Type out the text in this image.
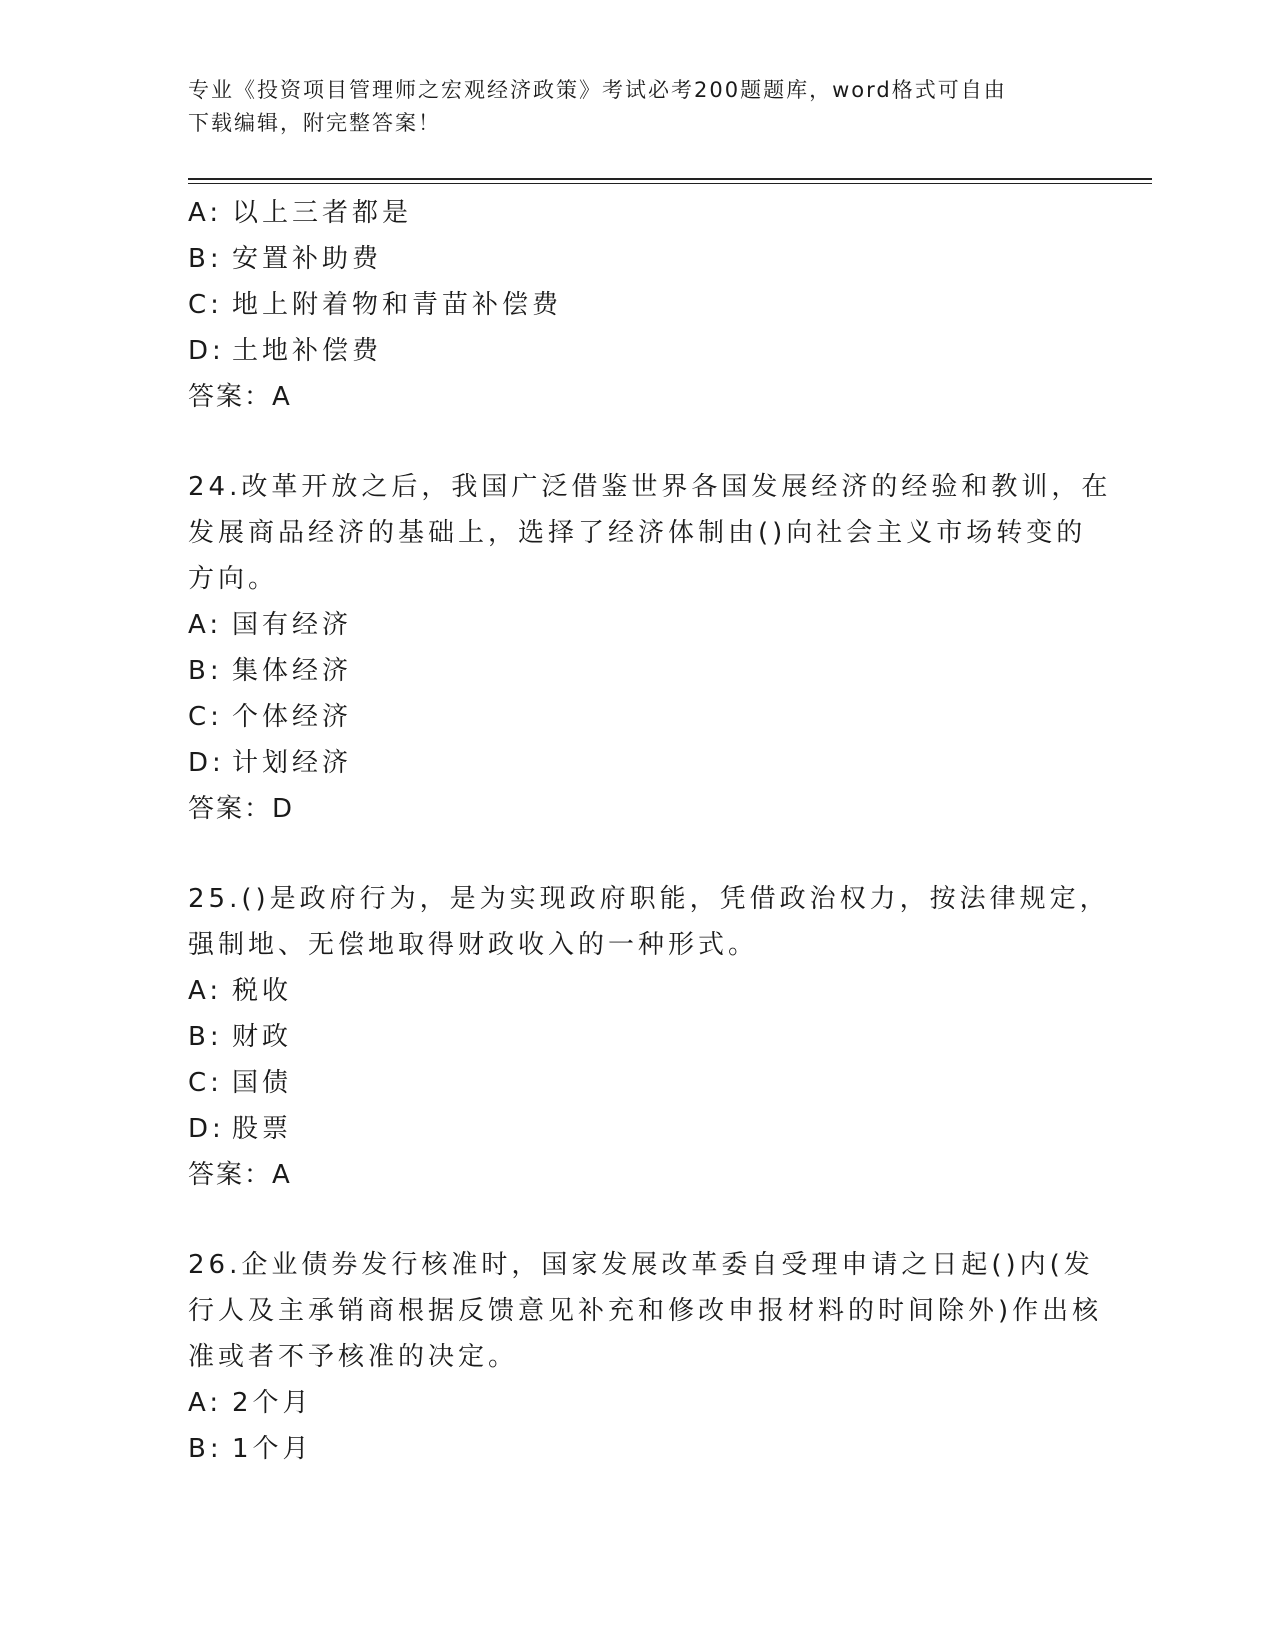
专业《投资项目管理师之宏观经济政策》考试必考200题题库，word格式可自由
下载编辑，附完整答案！
A: 以上三者都是
B: 安置补助费
C: 地上附着物和青苗补偿费
D: 土地补偿费
答案：A
24.改革开放之后，我国广泛借鉴世界各国发展经济的经验和教训，在
发展商品经济的基础上，选择了经济体制由()向社会主义市场转变的
方向。
A: 国有经济
B: 集体经济
C: 个体经济
D: 计划经济
答案：D
25.()是政府行为，是为实现政府职能，凭借政治权力，按法律规定，
强制地、无偿地取得财政收入的一种形式。
A: 税收
B: 财政
C: 国债
D: 股票
答案：A
26.企业债券发行核准时，国家发展改革委自受理申请之日起()内(发
行人及主承销商根据反馈意见补充和修改申报材料的时间除外)作出核
准或者不予核准的决定。
A: 2个月
B: 1个月
